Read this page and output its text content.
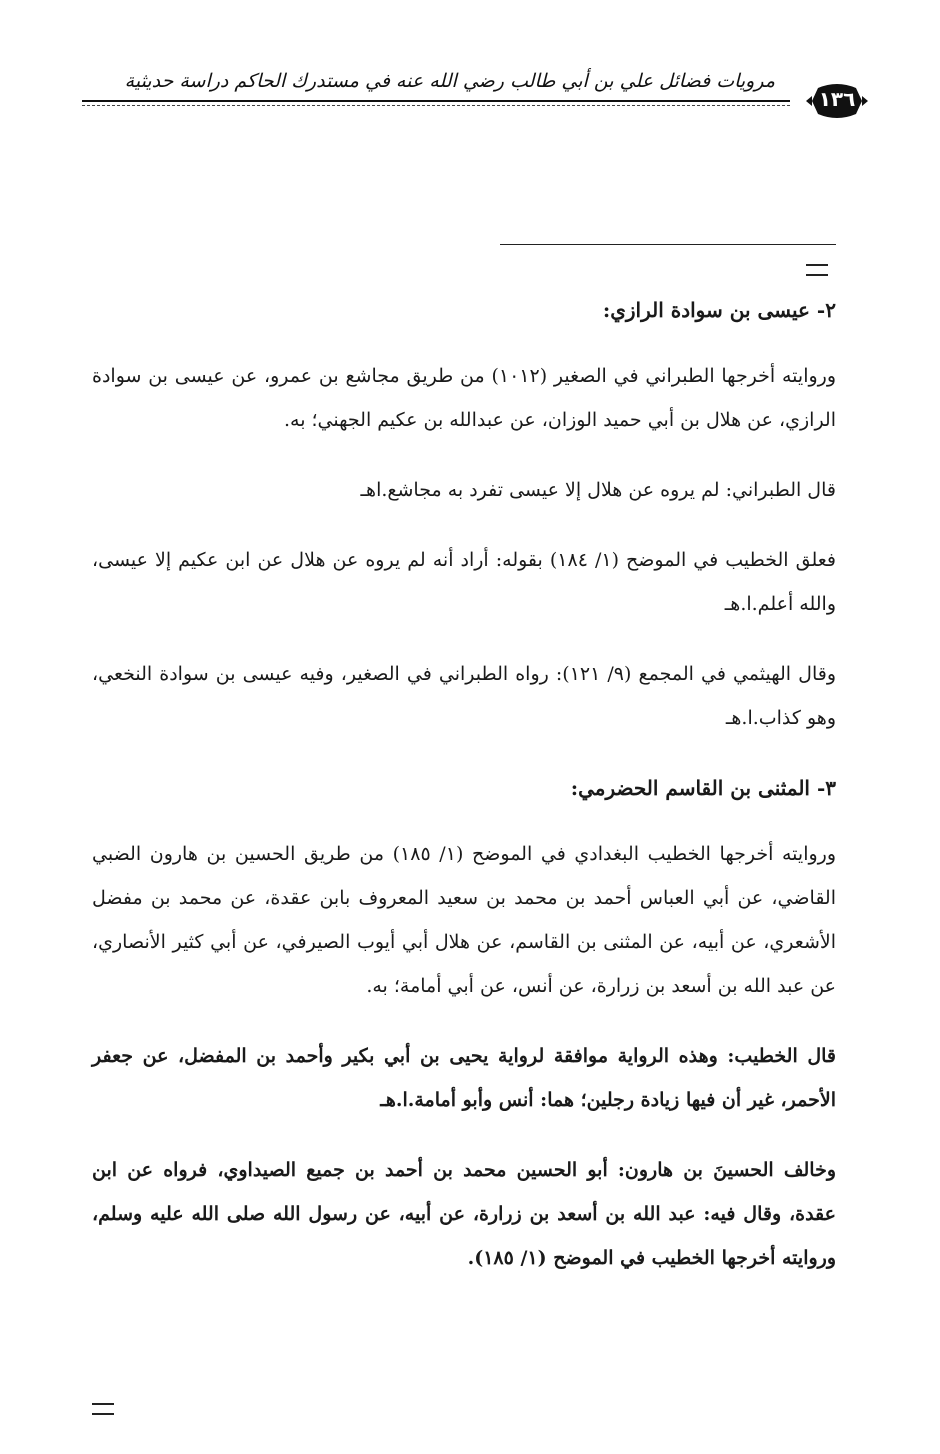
مرويات فضائل علي بن أبي طالب رضي الله عنه في مستدرك الحاكم دراسة حديثية
١٣٦

٢- عيسى بن سوادة الرازي:

وروايته أخرجها الطبراني في الصغير (١٠١٢) من طريق مجاشع بن عمرو، عن عيسى بن سوادة الرازي، عن هلال بن أبي حميد الوزان، عن عبدالله بن عكيم الجهني؛ به.

قال الطبراني: لم يروه عن هلال إلا عيسى تفرد به مجاشع.اهـ

فعلق الخطيب في الموضح (١/ ١٨٤) بقوله: أراد أنه لم يروه عن هلال عن ابن عكيم إلا عيسى، والله أعلم.ا.هـ

وقال الهيثمي في المجمع (٩/ ١٢١): رواه الطبراني في الصغير، وفيه عيسى بن سوادة النخعي، وهو كذاب.ا.هـ

٣- المثنى بن القاسم الحضرمي:

وروايته أخرجها الخطيب البغدادي في الموضح (١/ ١٨٥) من طريق الحسين بن هارون الضبي القاضي، عن أبي العباس أحمد بن محمد بن سعيد المعروف بابن عقدة، عن محمد بن مفضل الأشعري، عن أبيه، عن المثنى بن القاسم، عن هلال أبي أيوب الصيرفي، عن أبي كثير الأنصاري، عن عبد الله بن أسعد بن زرارة، عن أنس، عن أبي أمامة؛ به.

قال الخطيب: وهذه الرواية موافقة لرواية يحيى بن أبي بكير وأحمد بن المفضل، عن جعفر الأحمر، غير أن فيها زيادة رجلين؛ هما: أنس وأبو أمامة.ا.هـ

وخالف الحسينَ بن هارون: أبو الحسين محمد بن أحمد بن جميع الصيداوي، فرواه عن ابن عقدة، وقال فيه: عبد الله بن أسعد بن زرارة، عن أبيه، عن رسول الله صلى الله عليه وسلم، وروايته أخرجها الخطيب في الموضح (١/ ١٨٥).
